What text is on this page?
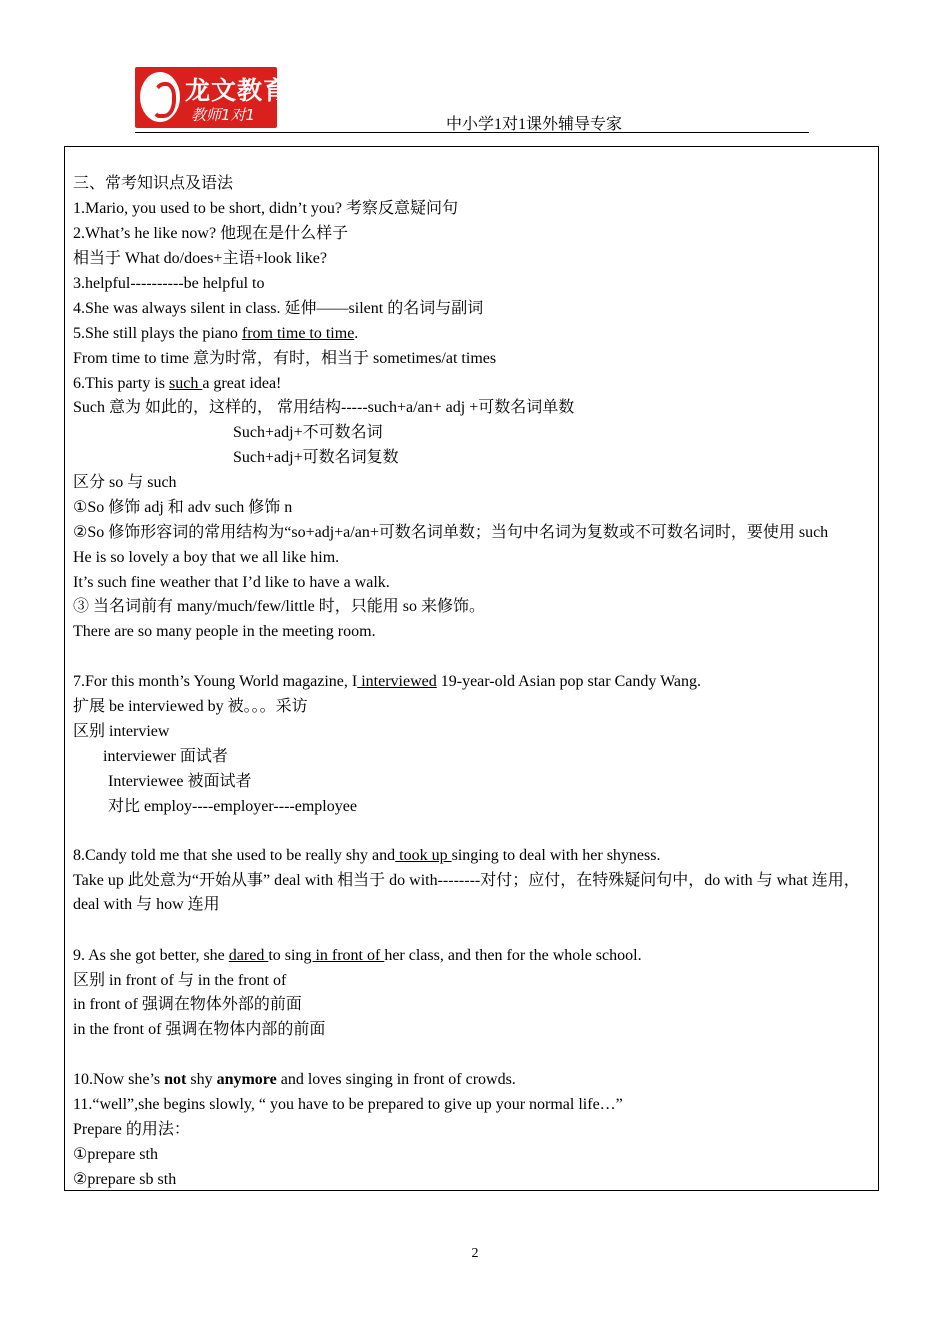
龙文教育
教师1对1
中小学1对1课外辅导专家
三、常考知识点及语法
1.Mario, you used to be short, didn’t you? 考察反意疑问句
2.What’s he like now? 他现在是什么样子
相当于 What do/does+主语+look like?
3.helpful----------be helpful to
4.She was always silent in class. 延伸——silent 的名词与副词
5.She still plays the piano from time to time.
From time to time 意为时常，有时，相当于 sometimes/at times
6.This party is such a great idea!
Such 意为 如此的，这样的， 常用结构-----such+a/an+ adj +可数名词单数
Such+adj+不可数名词
Such+adj+可数名词复数
区分 so 与 such
①So 修饰 adj 和 adv such 修饰 n
②So 修饰形容词的常用结构为“so+adj+a/an+可数名词单数；当句中名词为复数或不可数名词时，要使用 such
He is so lovely a boy that we all like him.
It’s such fine weather that I’d like to have a walk.
③ 当名词前有 many/much/few/little 时，只能用 so 来修饰。
There are so many people in the meeting room.
7.For this month’s Young World magazine, I interviewed 19-year-old Asian pop star Candy Wang.
扩展 be interviewed by 被。。。采访
区别 interview
interviewer 面试者
Interviewee 被面试者
对比 employ----employer----employee
8.Candy told me that she used to be really shy and took up singing to deal with her shyness.
Take up 此处意为“开始从事” deal with 相当于 do with--------对付；应付，在特殊疑问句中，do with 与 what 连用，deal with 与 how 连用
9. As she got better, she dared to sing in front of her class, and then for the whole school.
区别 in front of 与 in the front of
in front of 强调在物体外部的前面
in the front of 强调在物体内部的前面
10.Now she’s not shy anymore and loves singing in front of crowds.
11.“well”,she begins slowly, “ you have to be prepared to give up your normal life…”
Prepare 的用法：
①prepare sth
②prepare sb sth
2
